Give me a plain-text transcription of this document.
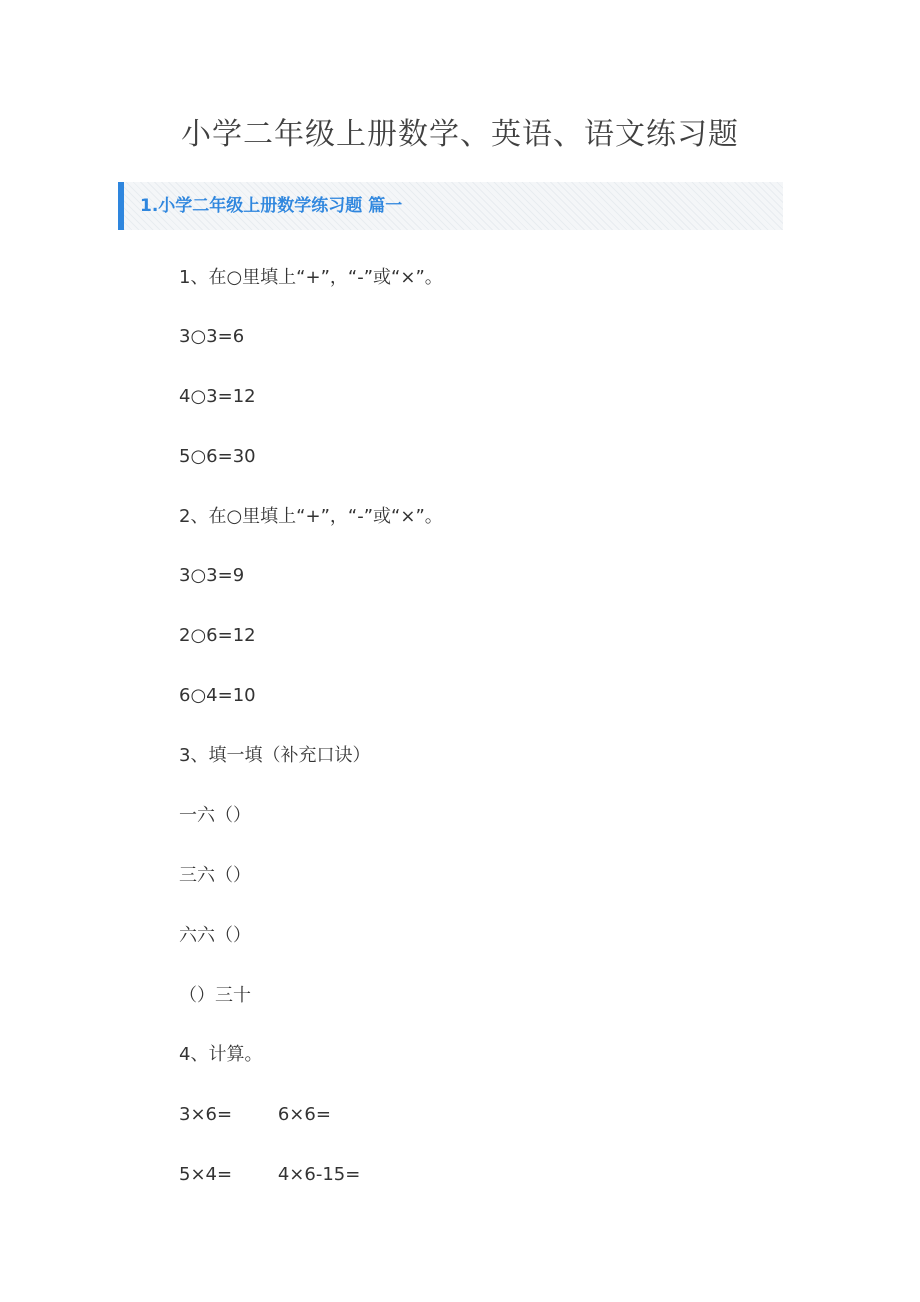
小学二年级上册数学、英语、语文练习题
1.小学二年级上册数学练习题 篇一
1、在○里填上“+”，“-”或“×”。
3○3=6
4○3=12
5○6=30
2、在○里填上“+”，“-”或“×”。
3○3=9
2○6=12
6○4=10
3、填一填（补充口诀）
一六（）
三六（）
六六（）
（）三十
4、计算。
3×6=        6×6=
5×4=        4×6-15=
